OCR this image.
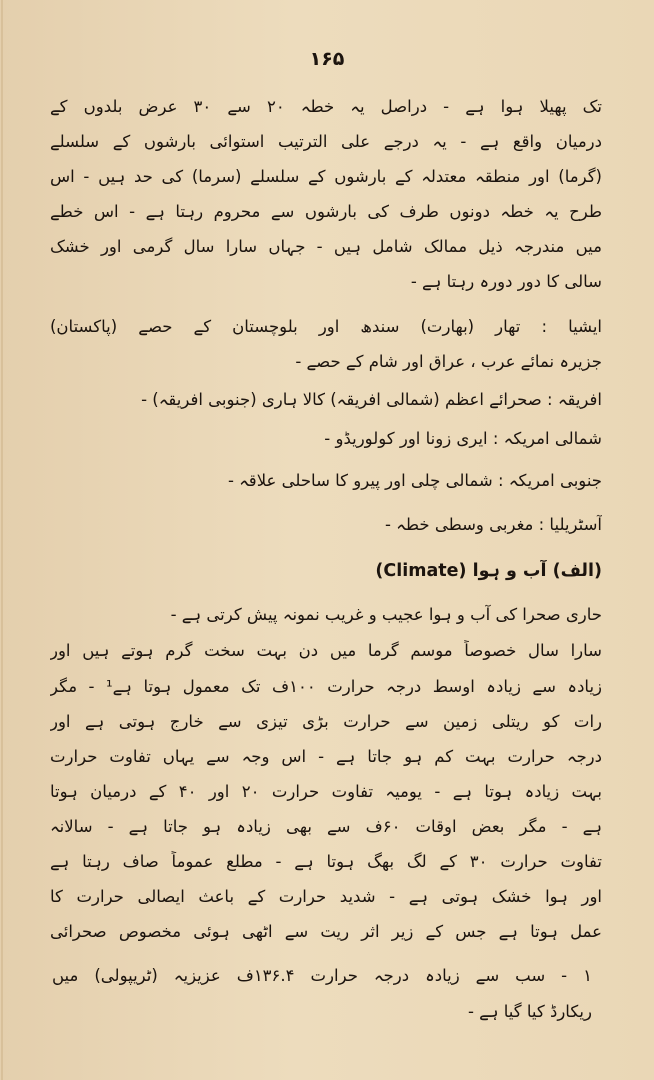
۱۶۵
تک پھیلا ہوا ہے - دراصل یہ خطہ ۲۰ سے ۳۰ عرض بلدوں کے
درمیان واقع ہے - یہ درجے علی الترتیب استوائی بارشوں کے سلسلے
(گرما) اور منطقہ معتدلہ کے بارشوں کے سلسلے (سرما) کی حد ہیں - اس
طرح یہ خطہ دونوں طرف کی بارشوں سے محروم رہتا ہے - اس خطے
میں مندرجہ ذیل ممالک شامل ہیں - جہاں سارا سال گرمی اور خشک
سالی کا دور دورہ رہتا ہے -
ایشیا : تھار (بھارت) سندھ اور بلوچستان کے حصے (پاکستان)
جزیرہ نمائے عرب ، عراق اور شام کے حصے -
افریقہ : صحرائے اعظم (شمالی افریقہ) کالا ہاری (جنوبی افریقہ) -
شمالی امریکہ : ایری زونا اور کولوریڈو -
جنوبی امریکہ : شمالی چلی اور پیرو کا ساحلی علاقہ -
آسٹریلیا : مغربی وسطی خطہ -
(الف) آب و ہوا (Climate)
حاری صحرا کی آب و ہوا عجیب و غریب نمونہ پیش کرتی ہے -
سارا سال خصوصاً موسم گرما میں دن بہت سخت گرم ہوتے ہیں اور
زیادہ سے زیادہ اوسط درجہ حرارت ۱۰۰ف تک معمول ہوتا ہے¹ - مگر
رات کو ریتلی زمین سے حرارت بڑی تیزی سے خارج ہوتی ہے اور
درجہ حرارت بہت کم ہو جاتا ہے - اس وجہ سے یہاں تفاوت حرارت
بہت زیادہ ہوتا ہے - یومیہ تفاوت حرارت ۲۰ اور ۴۰ کے درمیان ہوتا
ہے - مگر بعض اوقات ۶۰ف سے بھی زیادہ ہو جاتا ہے - سالانہ
تفاوت حرارت ۳۰ کے لگ بھگ ہوتا ہے - مطلع عموماً صاف رہتا ہے
اور ہوا خشک ہوتی ہے - شدید حرارت کے باعث ایصالی حرارت کا
عمل ہوتا ہے جس کے زیر اثر ریت سے اٹھی ہوئی مخصوص صحرائی
۱ - سب سے زیادہ درجہ حرارت ۱۳۶.۴ف عزیزیہ (ٹریپولی) میں
ریکارڈ کیا گیا ہے -
